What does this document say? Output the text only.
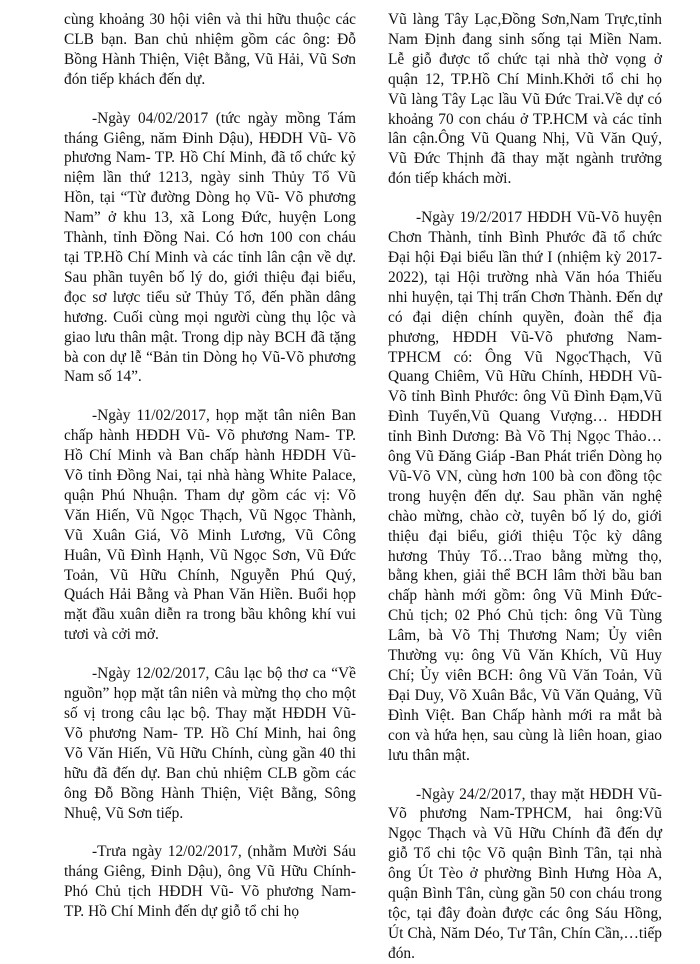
cùng khoảng 30 hội viên và thi hữu thuộc các CLB bạn. Ban chủ nhiệm gồm các ông: Đỗ Bồng Hành Thiện, Việt Bằng, Vũ Hải, Vũ Sơn đón tiếp khách đến dự.

-Ngày 04/02/2017 (tức ngày mồng Tám tháng Giêng, năm Đinh Dậu), HĐDH Vũ- Võ phương Nam- TP. Hồ Chí Minh, đã tổ chức kỷ niệm lần thứ 1213, ngày sinh Thủy Tổ Vũ Hồn, tại “Từ đường Dòng họ Vũ- Võ phương Nam” ở khu 13, xã Long Đức, huyện Long Thành, tỉnh Đồng Nai. Có hơn 100 con cháu tại TP.Hồ Chí Minh và các tỉnh lân cận về dự. Sau phần tuyên bố lý do, giới thiệu đại biểu, đọc sơ lược tiểu sử Thủy Tổ, đến phần dâng hương. Cuối cùng mọi người cùng thụ lộc và giao lưu thân mật. Trong dịp này BCH đã tặng bà con dự lễ “Bản tin Dòng họ Vũ-Võ phương Nam số 14”.

-Ngày 11/02/2017, họp mặt tân niên Ban chấp hành HĐDH Vũ- Võ phương Nam- TP. Hồ Chí Minh và Ban chấp hành HĐDH Vũ- Võ tỉnh Đồng Nai, tại nhà hàng White Palace, quận Phú Nhuận. Tham dự gồm các vị: Võ Văn Hiến, Vũ Ngọc Thạch, Vũ Ngọc Thành, Vũ Xuân Giá, Võ Minh Lương, Vũ Công Huân, Vũ Đình Hạnh, Vũ Ngọc Sơn, Vũ Đức Toản, Vũ Hữu Chính, Nguyễn Phú Quý, Quách Hải Bằng và Phan Văn Hiền. Buổi họp mặt đầu xuân diễn ra trong bầu không khí vui tươi và cởi mở.

-Ngày 12/02/2017, Câu lạc bộ thơ ca “Về nguồn” họp mặt tân niên và mừng thọ cho một số vị trong câu lạc bộ. Thay mặt HĐDH Vũ- Võ phương Nam- TP. Hồ Chí Minh, hai ông Võ Văn Hiến, Vũ Hữu Chính, cùng gần 40 thi hữu đã đến dự. Ban chủ nhiệm CLB gồm các ông Đỗ Bồng Hành Thiện, Việt Bằng, Sông Nhuệ, Vũ Sơn tiếp.

-Trưa ngày 12/02/2017, (nhằm Mười Sáu tháng Giêng, Đinh Dậu), ông Vũ Hữu Chính- Phó Chủ tịch HĐDH Vũ- Võ phương Nam- TP. Hồ Chí Minh đến dự giỗ tổ chi họ

Vũ làng Tây Lạc,Đồng Sơn,Nam Trực,tỉnh Nam Định đang sinh sống tại Miền Nam. Lễ giỗ được tổ chức tại nhà thờ vọng ở quận 12, TP.Hồ Chí Minh.Khởi tổ chi họ Vũ làng Tây Lạc lầu Vũ Đức Trai.Về dự có khoảng 70 con cháu ở TP.HCM và các tỉnh lân cận.Ông Vũ Quang Nhị, Vũ Văn Quý, Vũ Đức Thịnh đã thay mặt ngành trưởng đón tiếp khách mời.

-Ngày 19/2/2017 HĐDH Vũ-Võ huyện Chơn Thành, tỉnh Bình Phước đã tổ chức Đại hội Đại biểu lần thứ I (nhiệm kỳ 2017-2022), tại Hội trường nhà Văn hóa Thiếu nhi huyện, tại Thị trấn Chơn Thành. Đến dự có đại diện chính quyền, đoàn thể địa phương, HĐDH Vũ-Võ phương Nam-TPHCM có: Ông Vũ NgọcThạch, Vũ Quang Chiêm, Vũ Hữu Chính, HĐDH Vũ-Võ tỉnh Bình Phước: ông Vũ Đình Đạm,Vũ Đình Tuyển,Vũ Quang Vượng… HĐDH tỉnh Bình Dương: Bà Võ Thị Ngọc Thảo…ông Vũ Đăng Giáp -Ban Phát triển Dòng họ Vũ-Võ VN, cùng hơn 100 bà con đồng tộc trong huyện đến dự. Sau phần văn nghệ chào mừng, chào cờ, tuyên bố lý do, giới thiệu đại biểu, giới thiệu Tộc kỳ dâng hương Thủy Tổ…Trao bằng mừng thọ, bằng khen, giải thể BCH lâm thời bầu ban chấp hành mới gồm: ông Vũ Minh Đức-Chủ tịch; 02 Phó Chủ tịch: ông Vũ Tùng Lâm, bà Võ Thị Thương Nam; Ủy viên Thường vụ: ông Vũ Văn Khích, Vũ Huy Chí; Ủy viên BCH: ông Vũ Văn Toản, Vũ Đại Duy, Võ Xuân Bắc, Vũ Văn Quảng, Vũ Đình Việt. Ban Chấp hành mới ra mắt bà con và hứa hẹn, sau cùng là liên hoan, giao lưu thân mật.

-Ngày 24/2/2017, thay mặt HĐDH Vũ-Võ phương Nam-TPHCM, hai ông:Vũ Ngọc Thạch và Vũ Hữu Chính đã đến dự giỗ Tổ chi tộc Võ quận Bình Tân, tại nhà ông Út Tèo ở phường Bình Hưng Hòa A, quận Bình Tân, cùng gần 50 con cháu trong tộc, tại đây đoàn được các ông Sáu Hồng, Út Chà, Năm Déo, Tư Tân, Chín Cần,…tiếp đón.
